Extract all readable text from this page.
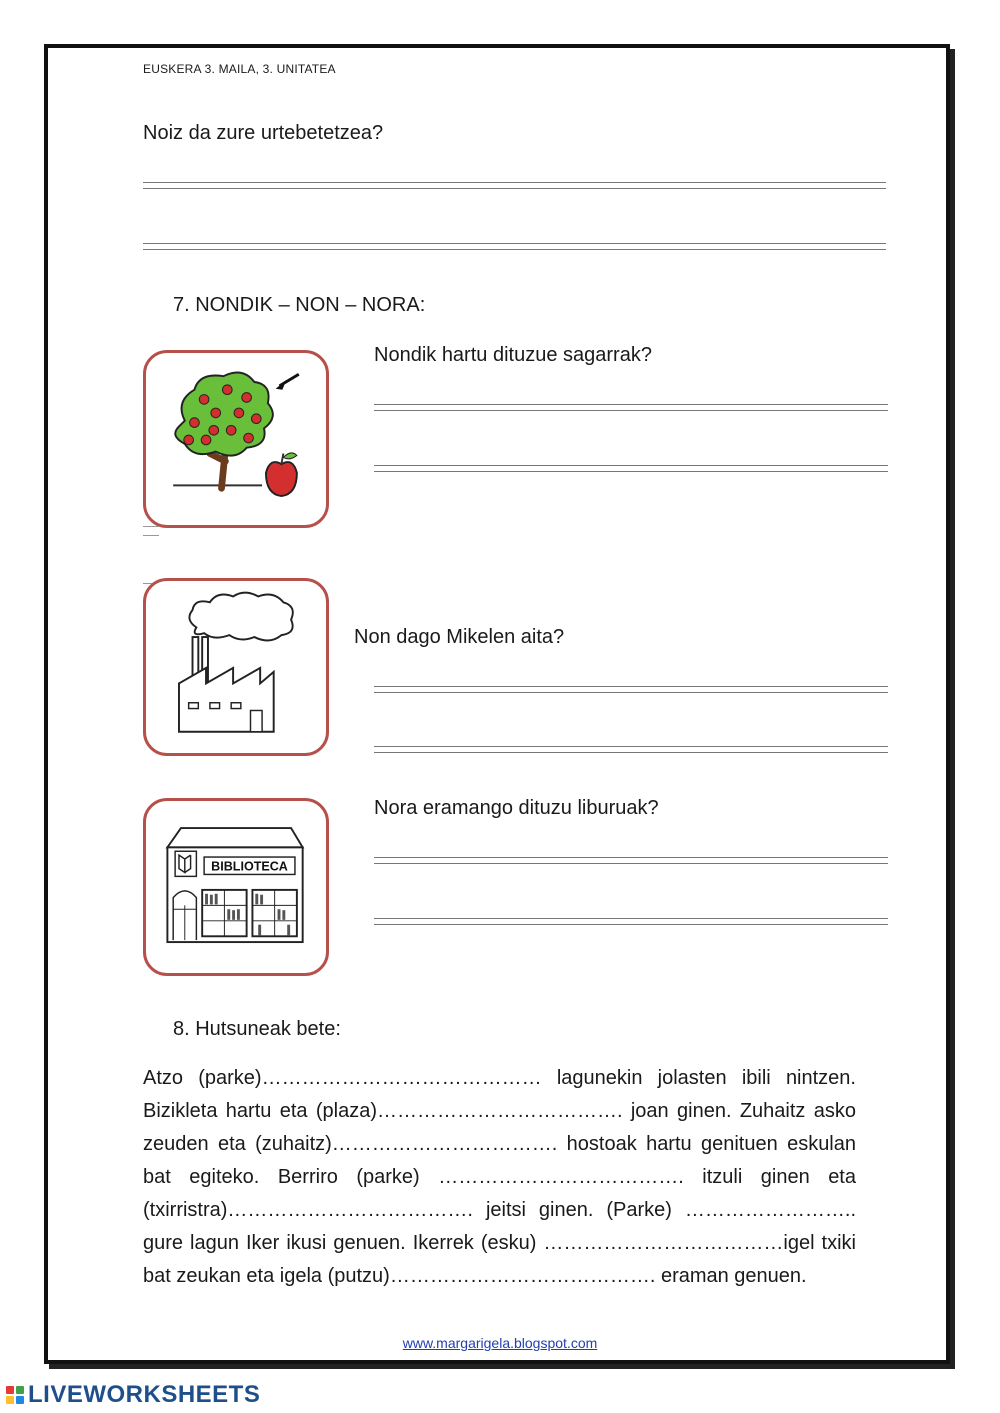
EUSKERA 3. MAILA, 3. UNITATEA
Noiz da zure urtebetetzea?
7. NONDIK – NON – NORA:
Nondik hartu dituzue sagarrak?
Non dago Mikelen aita?
BIBLIOTECA
Nora eramango dituzu liburuak?
8. Hutsuneak bete:
Atzo (parke)…………………………………… lagunekin jolasten ibili nintzen. Bizikleta hartu eta (plaza)………………………………. joan ginen. Zuhaitz asko zeuden eta (zuhaitz)……………………………. hostoak hartu genituen eskulan bat egiteko. Berriro (parke) ………………………………. itzuli ginen eta (txirristra)………………………………. jeitsi ginen. (Parke) …………………….. gure lagun Iker ikusi genuen. Ikerrek (esku) ………………………………igel txiki bat zeukan eta igela (putzu)…………………………………. eraman genuen.
www.margarigela.blogspot.com
LIVEWORKSHEETS
